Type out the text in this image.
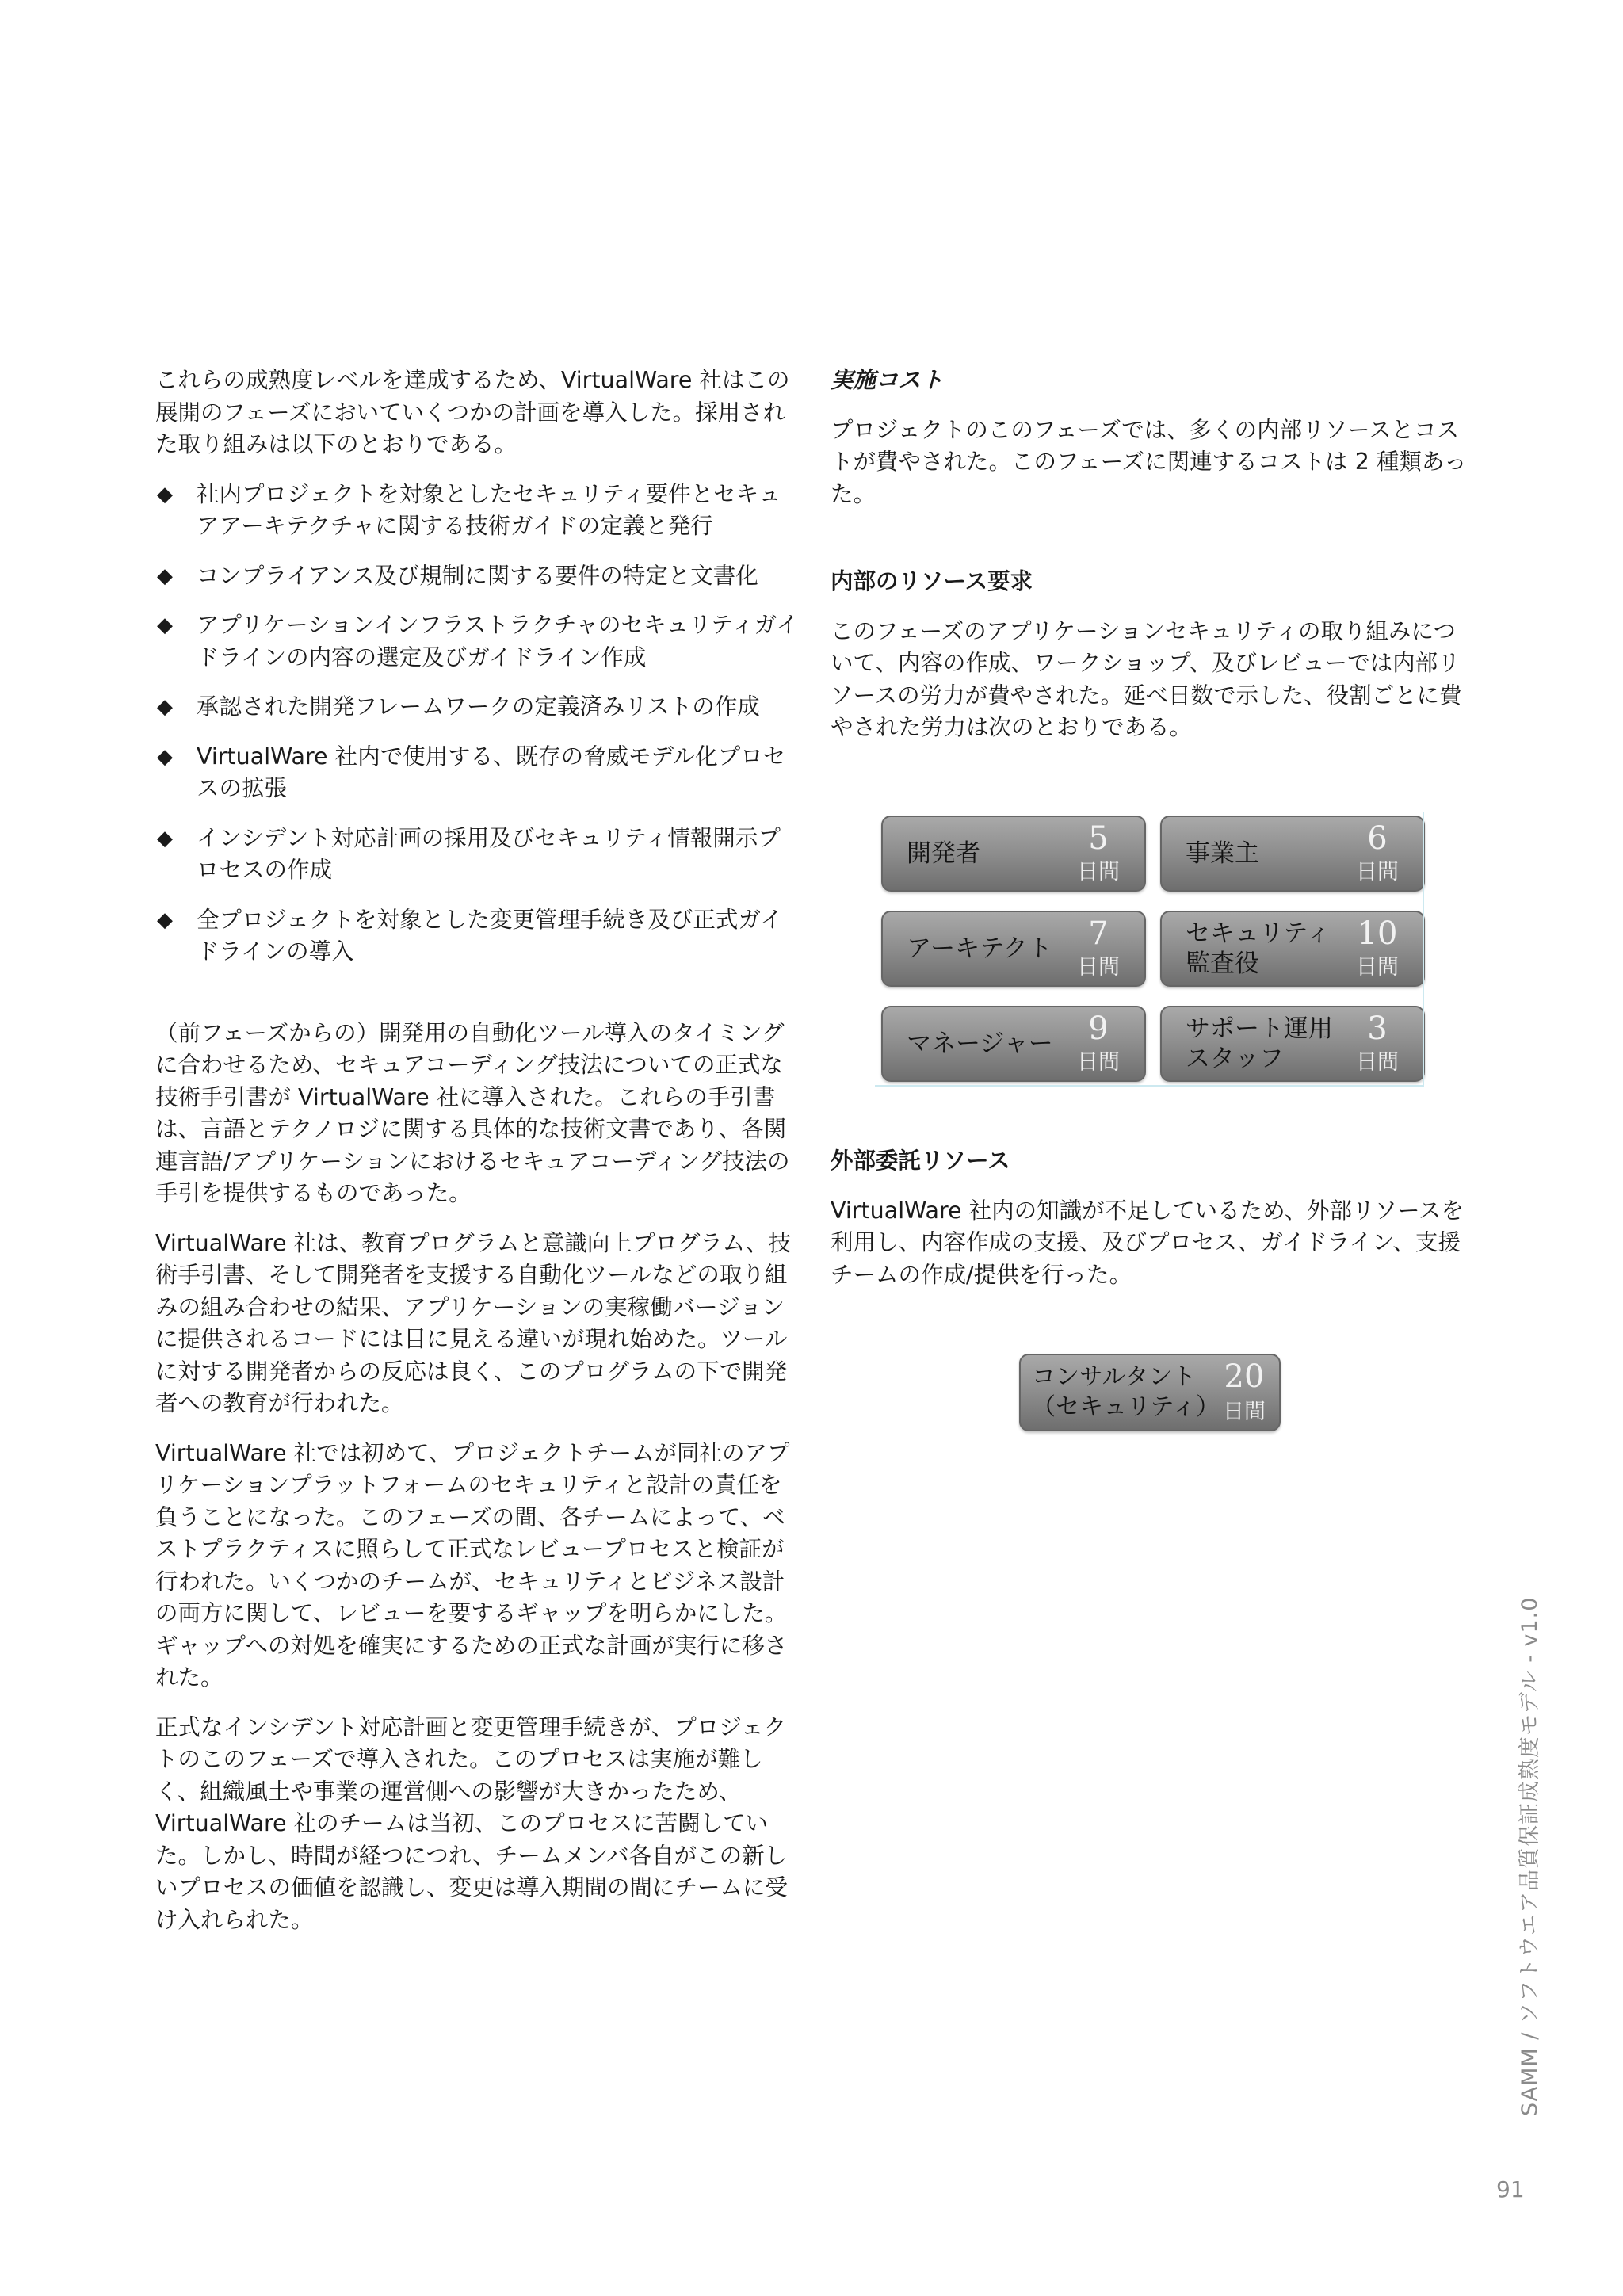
これらの成熟度レベルを達成するため、VirtualWare 社はこの展開のフェーズにおいていくつかの計画を導入した。採用された取り組みは以下のとおりである。

◆ 社内プロジェクトを対象としたセキュリティ要件とセキュアアーキテクチャに関する技術ガイドの定義と発行
◆ コンプライアンス及び規制に関する要件の特定と文書化
◆ アプリケーションインフラストラクチャのセキュリティガイドラインの内容の選定及びガイドライン作成
◆ 承認された開発フレームワークの定義済みリストの作成
◆ VirtualWare 社内で使用する、既存の脅威モデル化プロセスの拡張
◆ インシデント対応計画の採用及びセキュリティ情報開示プロセスの作成
◆ 全プロジェクトを対象とした変更管理手続き及び正式ガイドラインの導入

（前フェーズからの）開発用の自動化ツール導入のタイミングに合わせるため、セキュアコーディング技法についての正式な技術手引書が VirtualWare 社に導入された。これらの手引書は、言語とテクノロジに関する具体的な技術文書であり、各関連言語/アプリケーションにおけるセキュアコーディング技法の手引を提供するものであった。

VirtualWare 社は、教育プログラムと意識向上プログラム、技術手引書、そして開発者を支援する自動化ツールなどの取り組みの組み合わせの結果、アプリケーションの実稼働バージョンに提供されるコードには目に見える違いが現れ始めた。ツールに対する開発者からの反応は良く、このプログラムの下で開発者への教育が行われた。

VirtualWare 社では初めて、プロジェクトチームが同社のアプリケーションプラットフォームのセキュリティと設計の責任を負うことになった。このフェーズの間、各チームによって、ベストプラクティスに照らして正式なレビュープロセスと検証が行われた。いくつかのチームが、セキュリティとビジネス設計の両方に関して、レビューを要するギャップを明らかにした。ギャップへの対処を確実にするための正式な計画が実行に移された。

正式なインシデント対応計画と変更管理手続きが、プロジェクトのこのフェーズで導入された。このプロセスは実施が難しく、組織風土や事業の運営側への影響が大きかったため、VirtualWare 社のチームは当初、このプロセスに苦闘していた。しかし、時間が経つにつれ、チームメンバ各自がこの新しいプロセスの価値を認識し、変更は導入期間の間にチームに受け入れられた。

実施コスト

プロジェクトのこのフェーズでは、多くの内部リソースとコストが費やされた。このフェーズに関連するコストは 2 種類あった。

内部のリソース要求

このフェーズのアプリケーションセキュリティの取り組みについて、内容の作成、ワークショップ、及びレビューでは内部リソースの労力が費やされた。延べ日数で示した、役割ごとに費やされた労力は次のとおりである。

開発者	5
日間
事業主	6
日間
アーキテクト	7
日間
セキュリティ
監査役
10
日間
マネージャー	9
日間
サポート運用
スタッフ
3
日間

外部委託リソース

VirtualWare 社内の知識が不足しているため、外部リソースを利用し、内容作成の支援、及びプロセス、ガイドライン、支援チームの作成/提供を行った。

コンサルタント
（セキュリティ）
20
日間
SAMM / ソフトウエア品質保証成熟度モデル - v1.0
91
